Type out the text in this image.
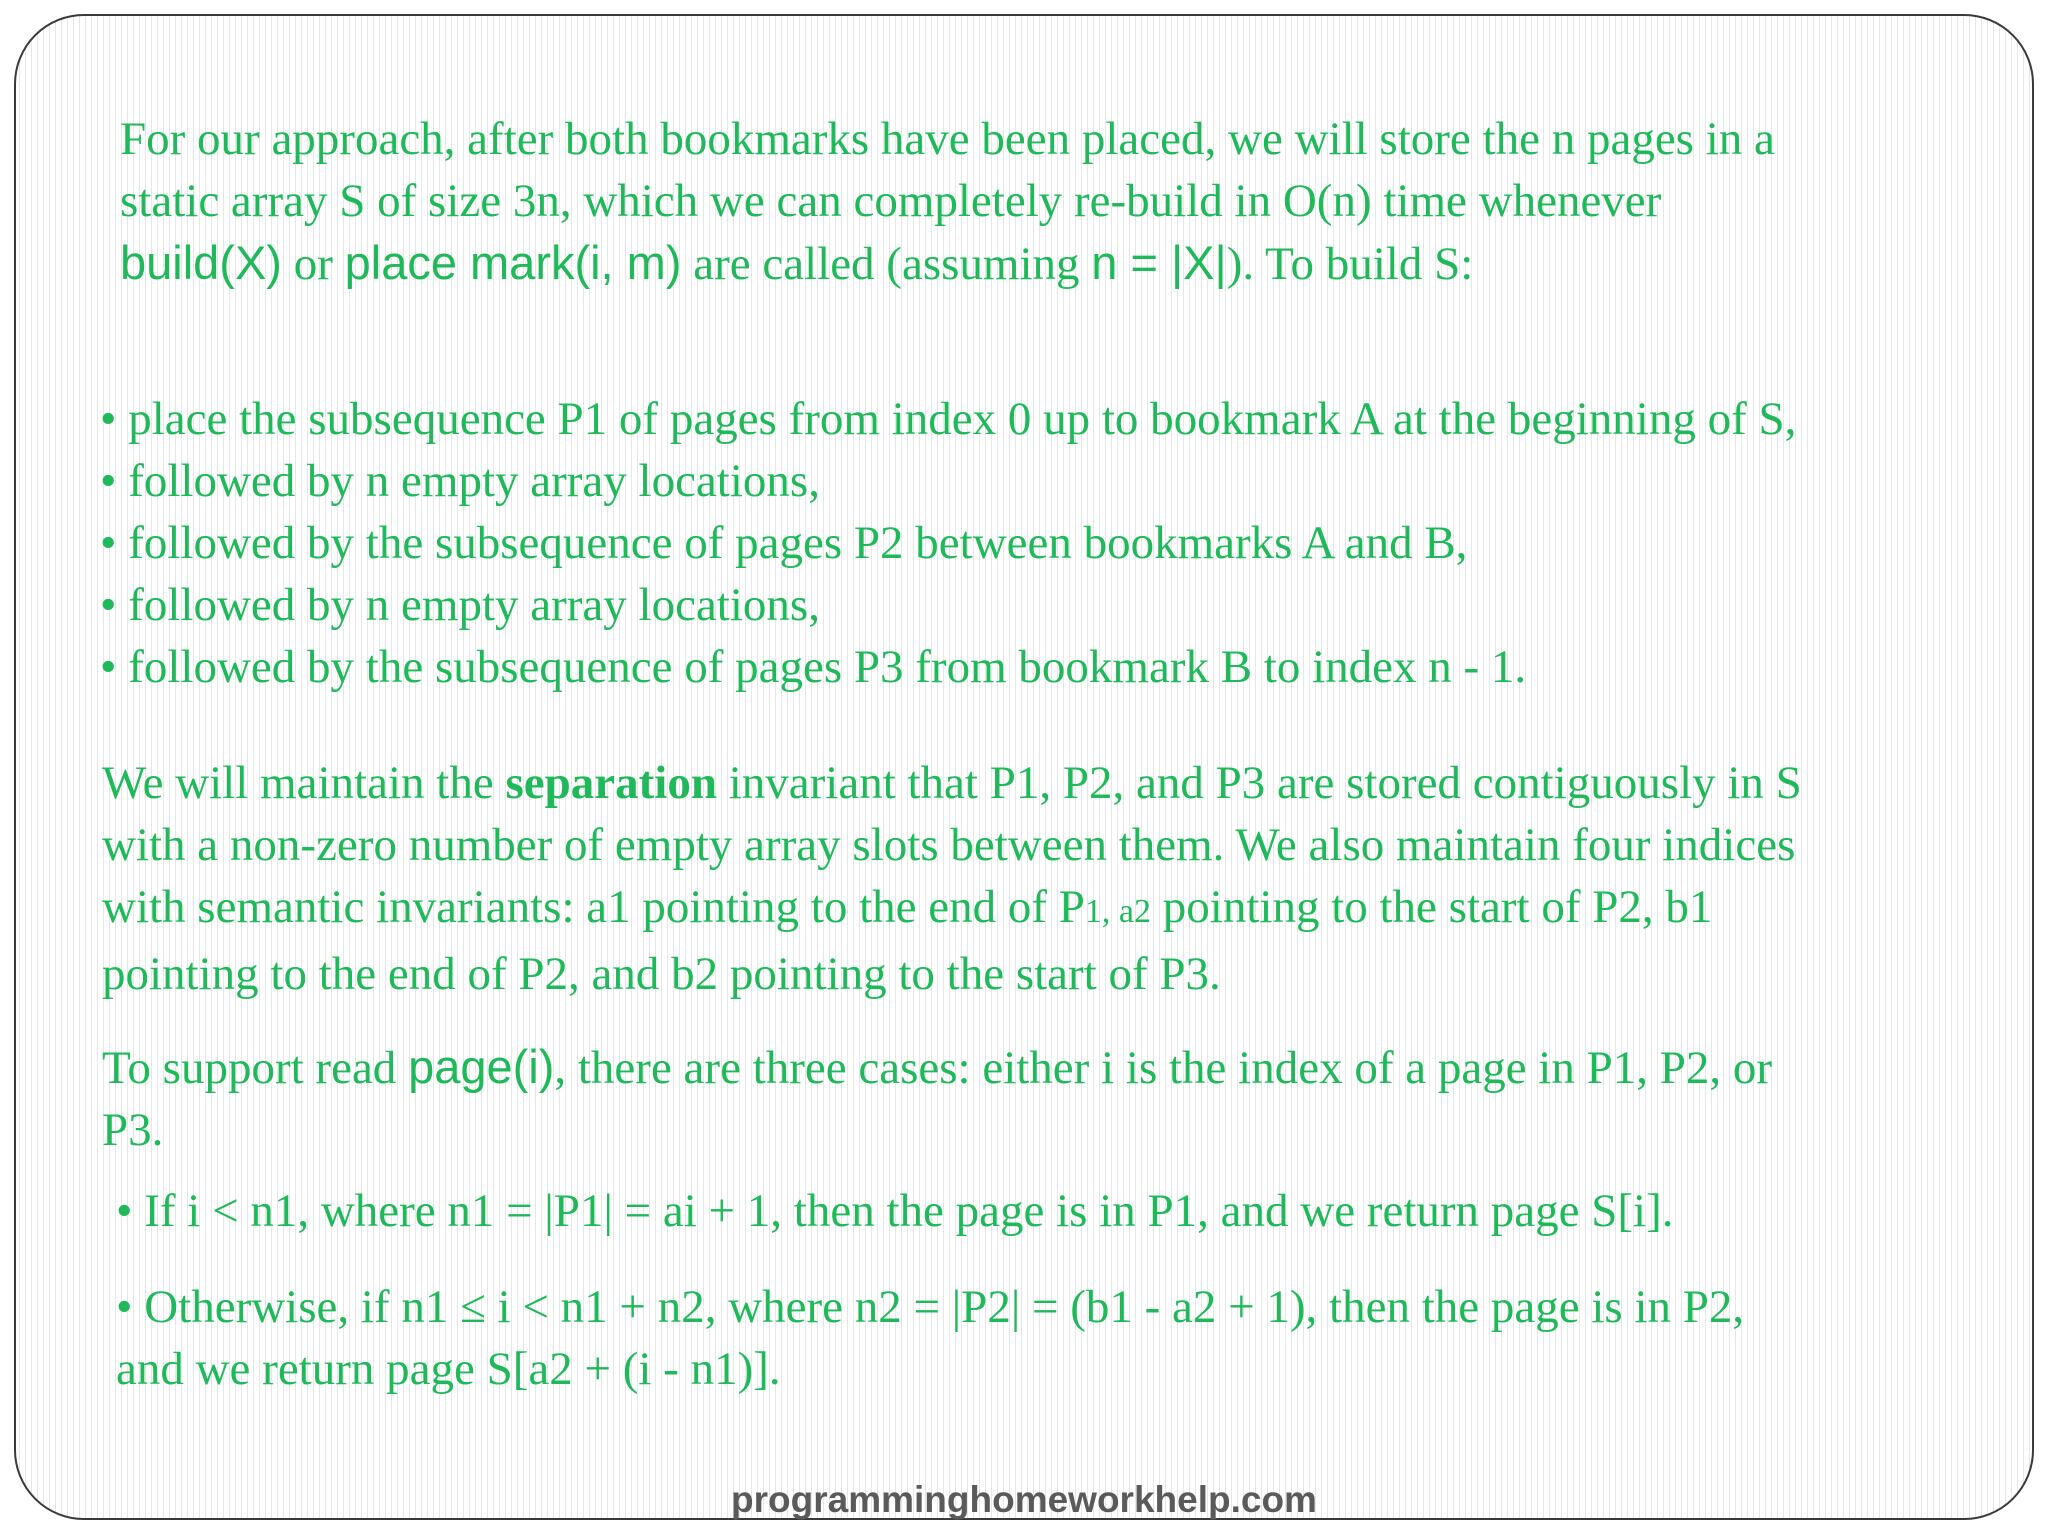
For our approach, after both bookmarks have been placed, we will store the n pages in a

static array S of size 3n, which we can completely re-build in O(n) time whenever

build(X) or place mark(i, m) are called (assuming n = |X|). To build S:

• place the subsequence P1 of pages from index 0 up to bookmark A at the beginning of S,

• followed by n empty array locations,

• followed by the subsequence of pages P2 between bookmarks A and B,

• followed by n empty array locations,

• followed by the subsequence of pages P3 from bookmark B to index n - 1.

We will maintain the separation invariant that P1, P2, and P3 are stored contiguously in S

with a non-zero number of empty array slots between them. We also maintain four indices

with semantic invariants: a1 pointing to the end of P1, a2 pointing to the start of P2, b1

pointing to the end of P2, and b2 pointing to the start of P3.

To support read page(i), there are three cases: either i is the index of a page in P1, P2, or

P3.

• If i < n1, where n1 = |P1| = ai + 1, then the page is in P1, and we return page S[i].

• Otherwise, if n1 ≤ i < n1 + n2, where n2 = |P2| = (b1 - a2 + 1), then the page is in P2,

and we return page S[a2 + (i - n1)].

programminghomeworkhelp.com
